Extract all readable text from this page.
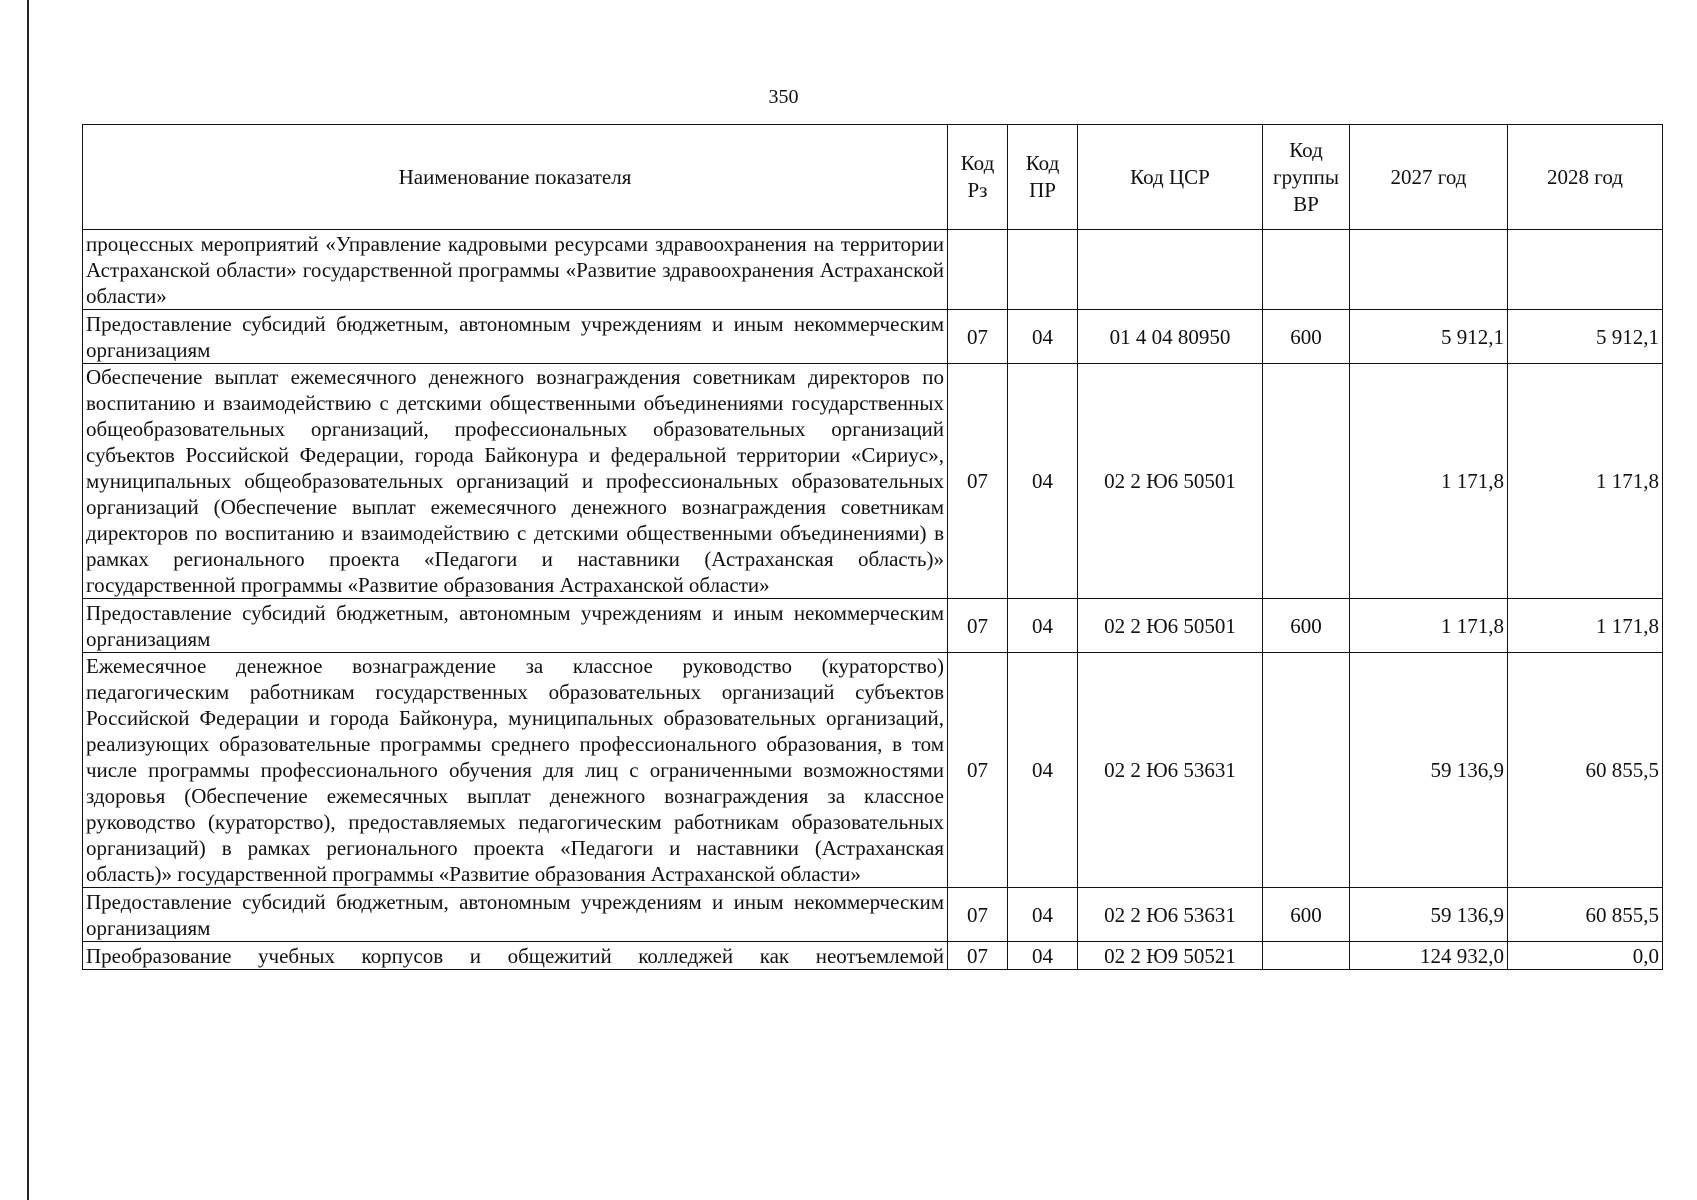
350
Наименование показателя	Код Рз	Код ПР	Код ЦСР	Код группы ВР	2027 год	2028 год
процессных мероприятий «Управление кадровыми ресурсами здравоохранения на территории Астраханской области» государственной программы «Развитие здравоохранения Астраханской области»						
Предоставление субсидий бюджетным, автономным учреждениям и иным некоммерческим организациям	07	04	01 4 04 80950	600	5 912,1	5 912,1
Обеспечение выплат ежемесячного денежного вознаграждения советникам директоров по воспитанию и взаимодействию с детскими общественными объединениями государственных общеобразовательных организаций, профессиональных образовательных организаций субъектов Российской Федерации, города Байконура и федеральной территории «Сириус», муниципальных общеобразовательных организаций и профессиональных образовательных организаций (Обеспечение выплат ежемесячного денежного вознаграждения советникам директоров по воспитанию и взаимодействию с детскими общественными объединениями) в рамках регионального проекта «Педагоги и наставники (Астраханская область)» государственной программы «Развитие образования Астраханской области»	07	04	02 2 Ю6 50501		1 171,8	1 171,8
Предоставление субсидий бюджетным, автономным учреждениям и иным некоммерческим организациям	07	04	02 2 Ю6 50501	600	1 171,8	1 171,8
Ежемесячное денежное вознаграждение за классное руководство (кураторство) педагогическим работникам государственных образовательных организаций субъектов Российской Федерации и города Байконура, муниципальных образовательных организаций, реализующих образовательные программы среднего профессионального образования, в том числе программы профессионального обучения для лиц с ограниченными возможностями здоровья (Обеспечение ежемесячных выплат денежного вознаграждения за классное руководство (кураторство), предоставляемых педагогическим работникам образовательных организаций) в рамках регионального проекта «Педагоги и наставники (Астраханская область)» государственной программы «Развитие образования Астраханской области»	07	04	02 2 Ю6 53631		59 136,9	60 855,5
Предоставление субсидий бюджетным, автономным учреждениям и иным некоммерческим организациям	07	04	02 2 Ю6 53631	600	59 136,9	60 855,5
Преобразование учебных корпусов и общежитий колледжей как неотъемлемой	07	04	02 2 Ю9 50521		124 932,0	0,0
